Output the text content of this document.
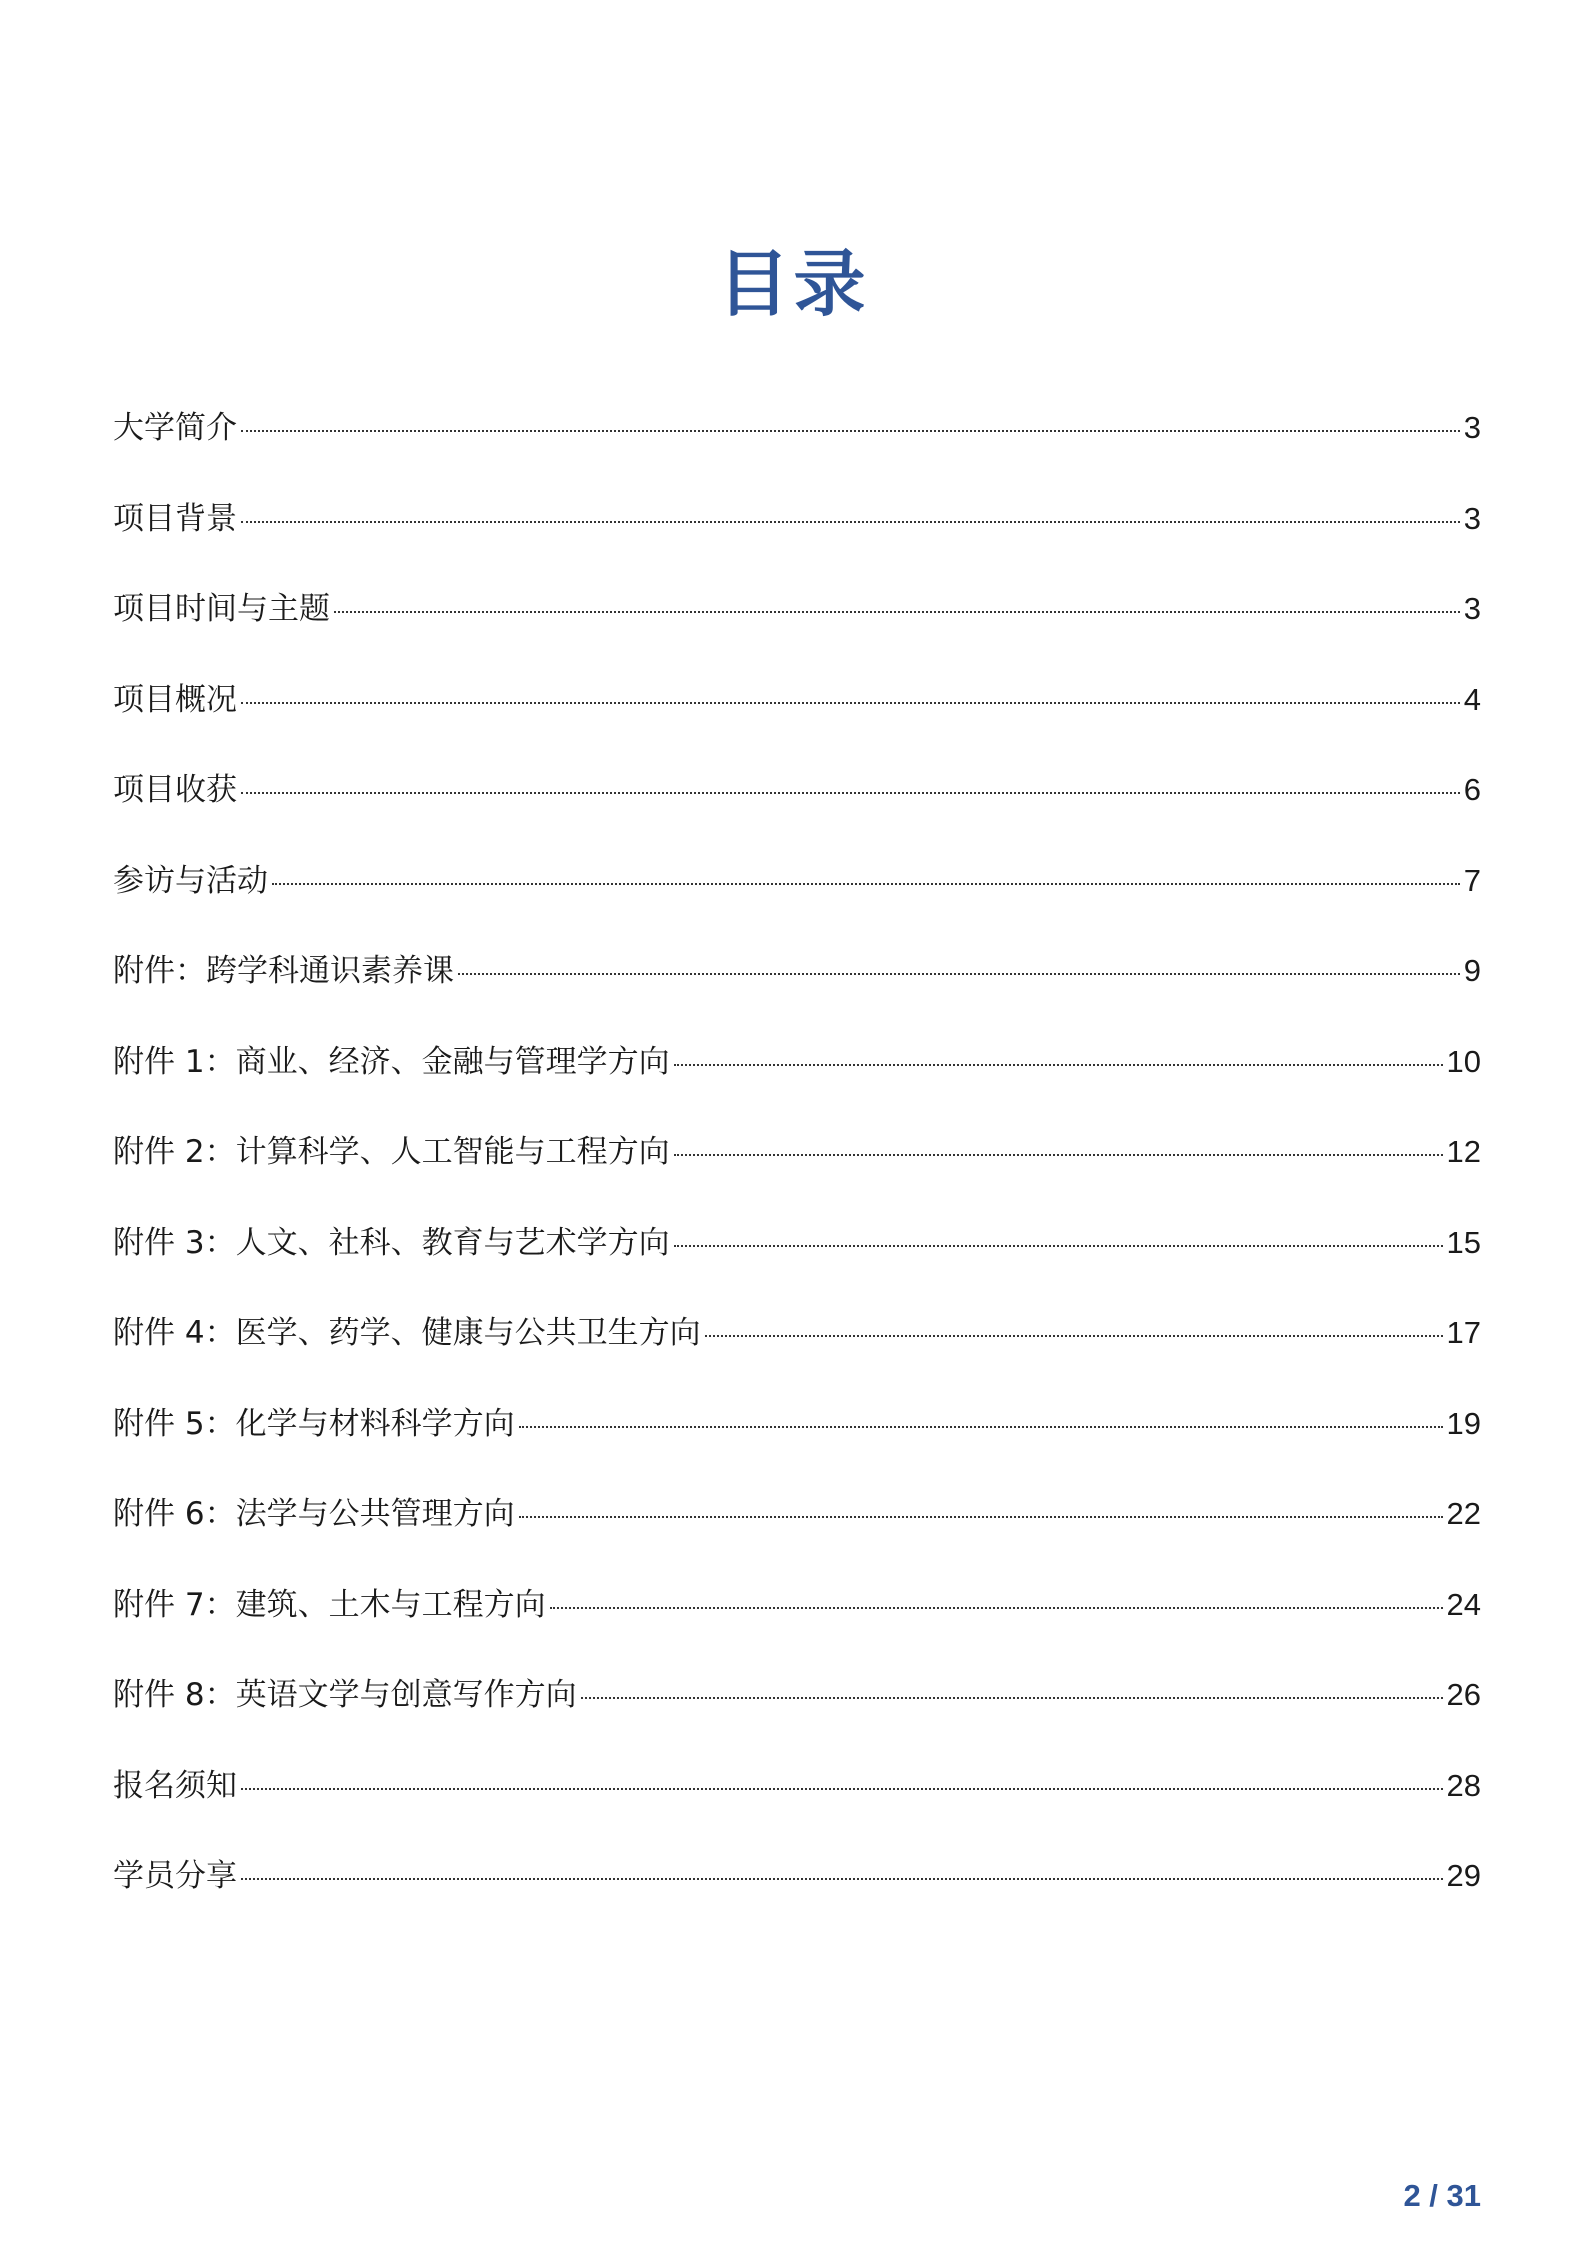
目录
大学简介	3
项目背景	3
项目时间与主题	3
项目概况	4
项目收获	6
参访与活动	7
附件：跨学科通识素养课	9
附件 1：商业、经济、金融与管理学方向	10
附件 2：计算科学、人工智能与工程方向	12
附件 3：人文、社科、教育与艺术学方向	15
附件 4：医学、药学、健康与公共卫生方向	17
附件 5：化学与材料科学方向	19
附件 6：法学与公共管理方向	22
附件 7：建筑、土木与工程方向	24
附件 8：英语文学与创意写作方向	26
报名须知	28
学员分享	29
2 / 31
